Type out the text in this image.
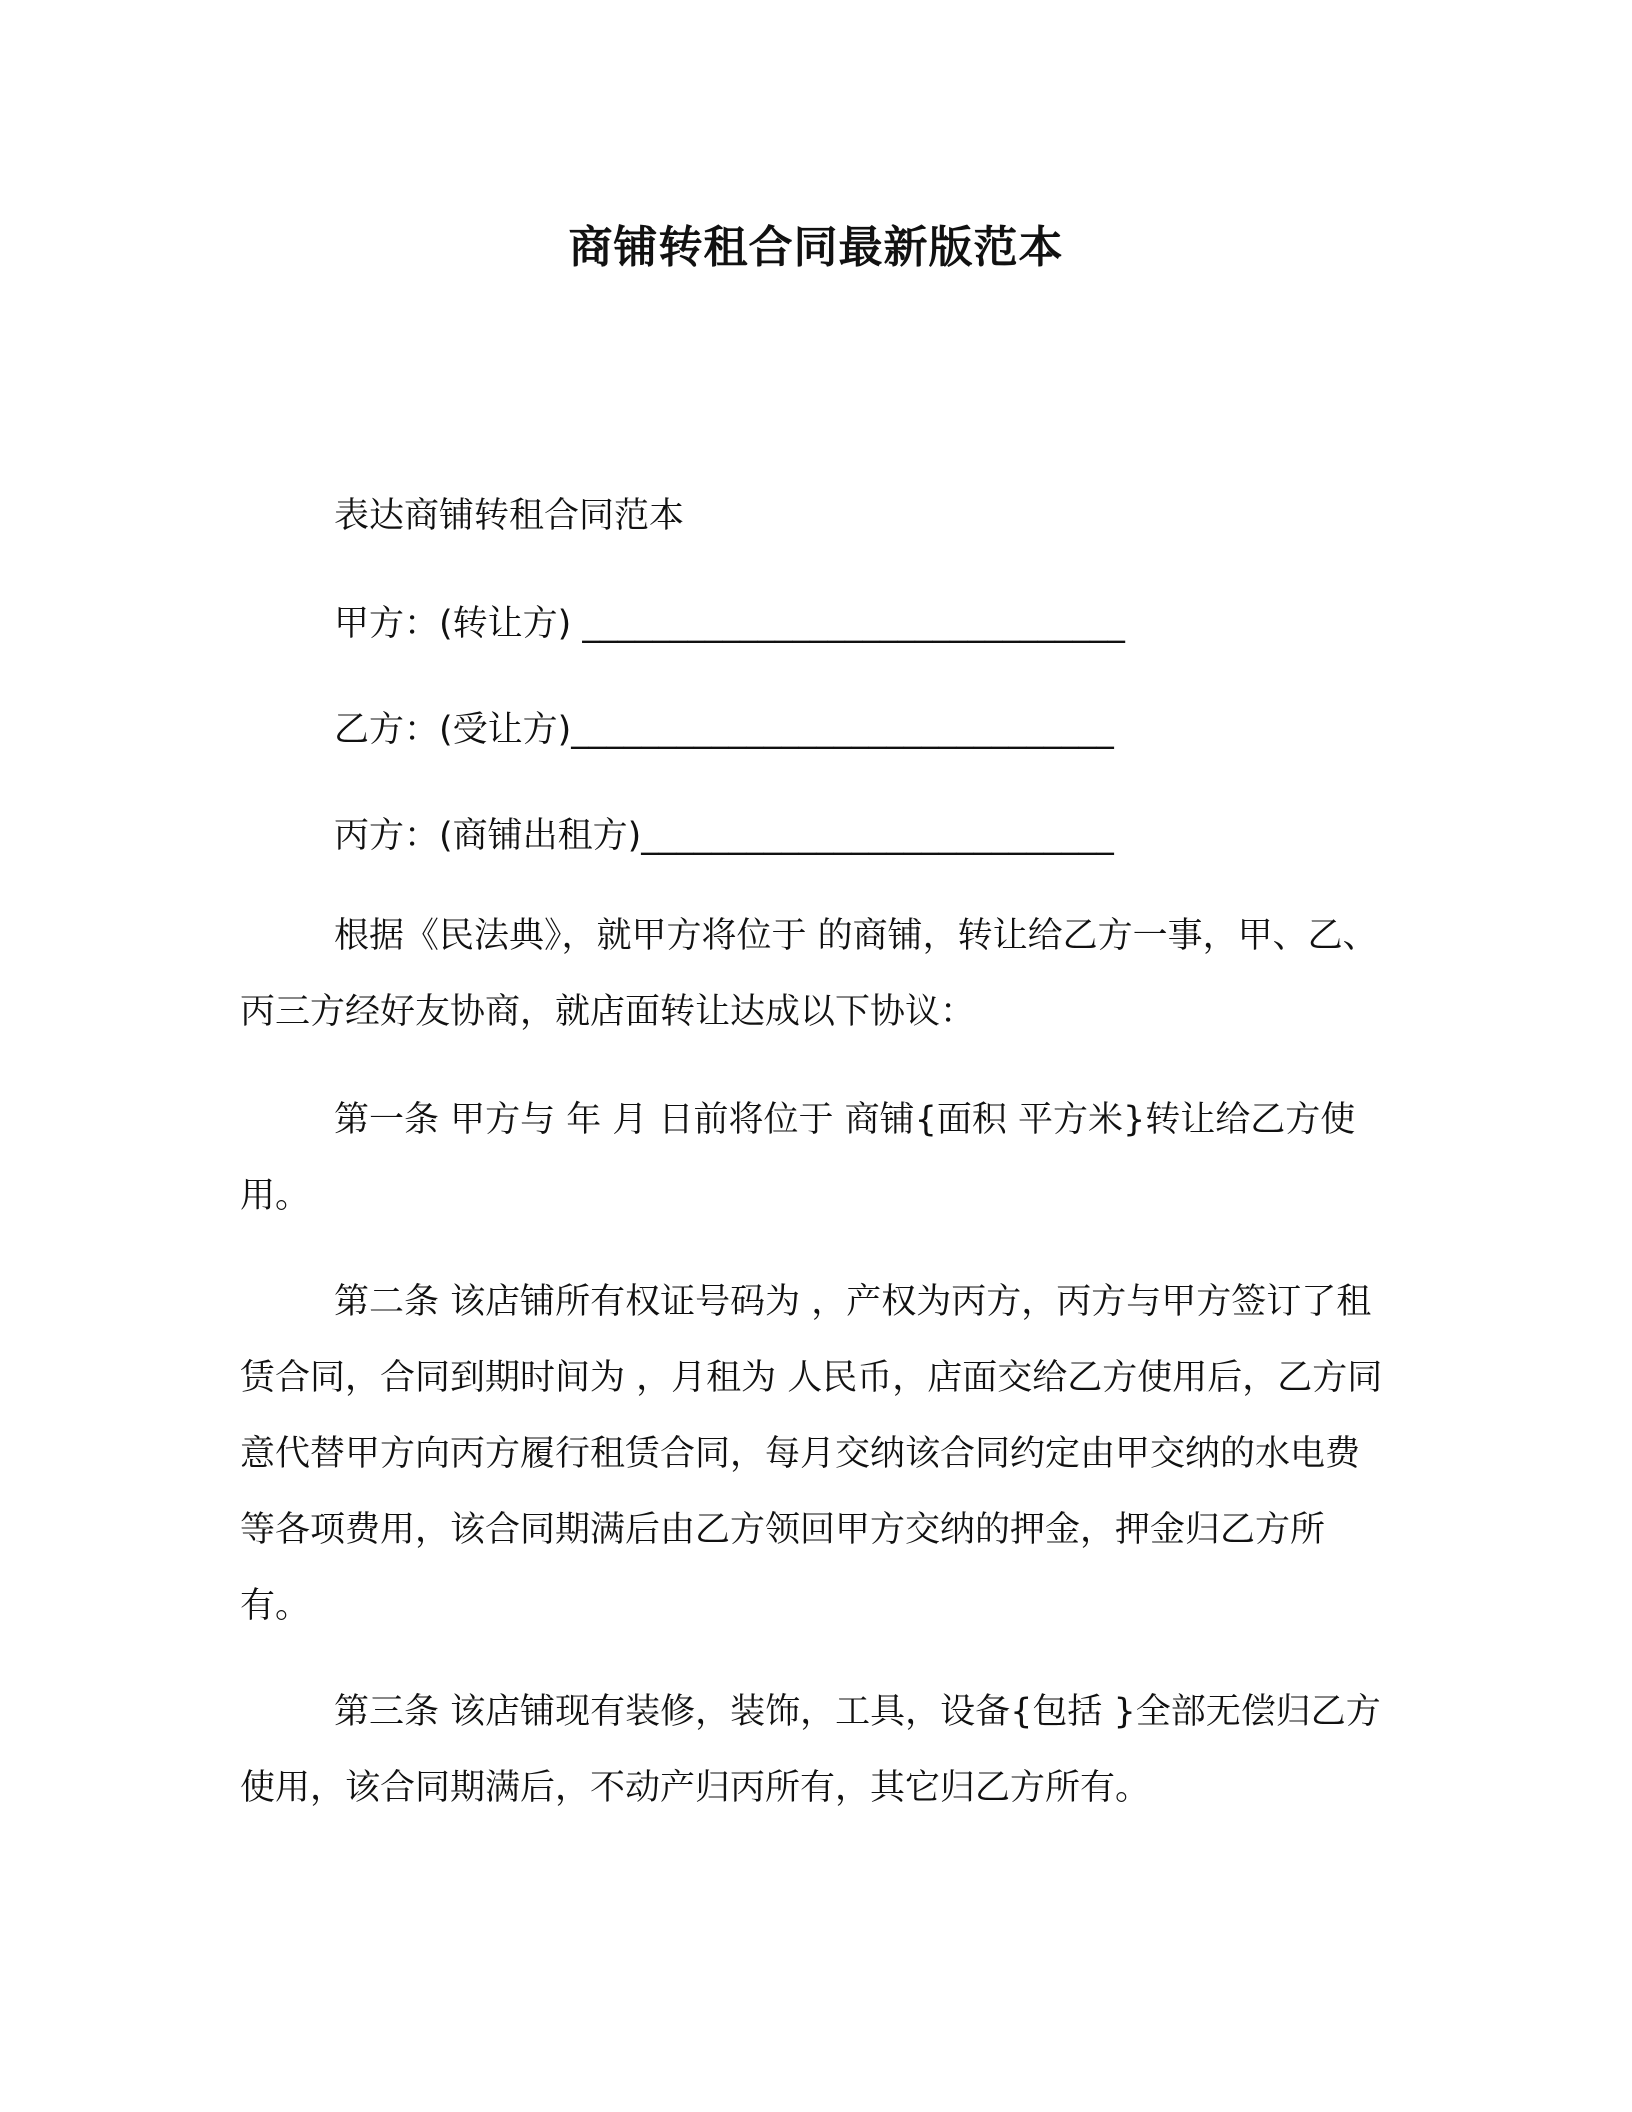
商铺转租合同最新版范本

表达商铺转租合同范本

甲方：(转让方) _______________________________

乙方：(受让方)_______________________________

丙方：(商铺出租方)___________________________

根据《民法典》，就甲方将位于 的商铺，转让给乙方一事，甲、乙、丙三方经好友协商，就店面转让达成以下协议：

第一条 甲方与 年 月 日前将位于 商铺{面积 平方米}转让给乙方使用。

第二条 该店铺所有权证号码为 ，产权为丙方，丙方与甲方签订了租赁合同，合同到期时间为 ，月租为 人民币，店面交给乙方使用后，乙方同意代替甲方向丙方履行租赁合同，每月交纳该合同约定由甲交纳的水电费等各项费用，该合同期满后由乙方领回甲方交纳的押金，押金归乙方所有。

第三条 该店铺现有装修，装饰，工具，设备{包括 }全部无偿归乙方使用，该合同期满后，不动产归丙所有，其它归乙方所有。
